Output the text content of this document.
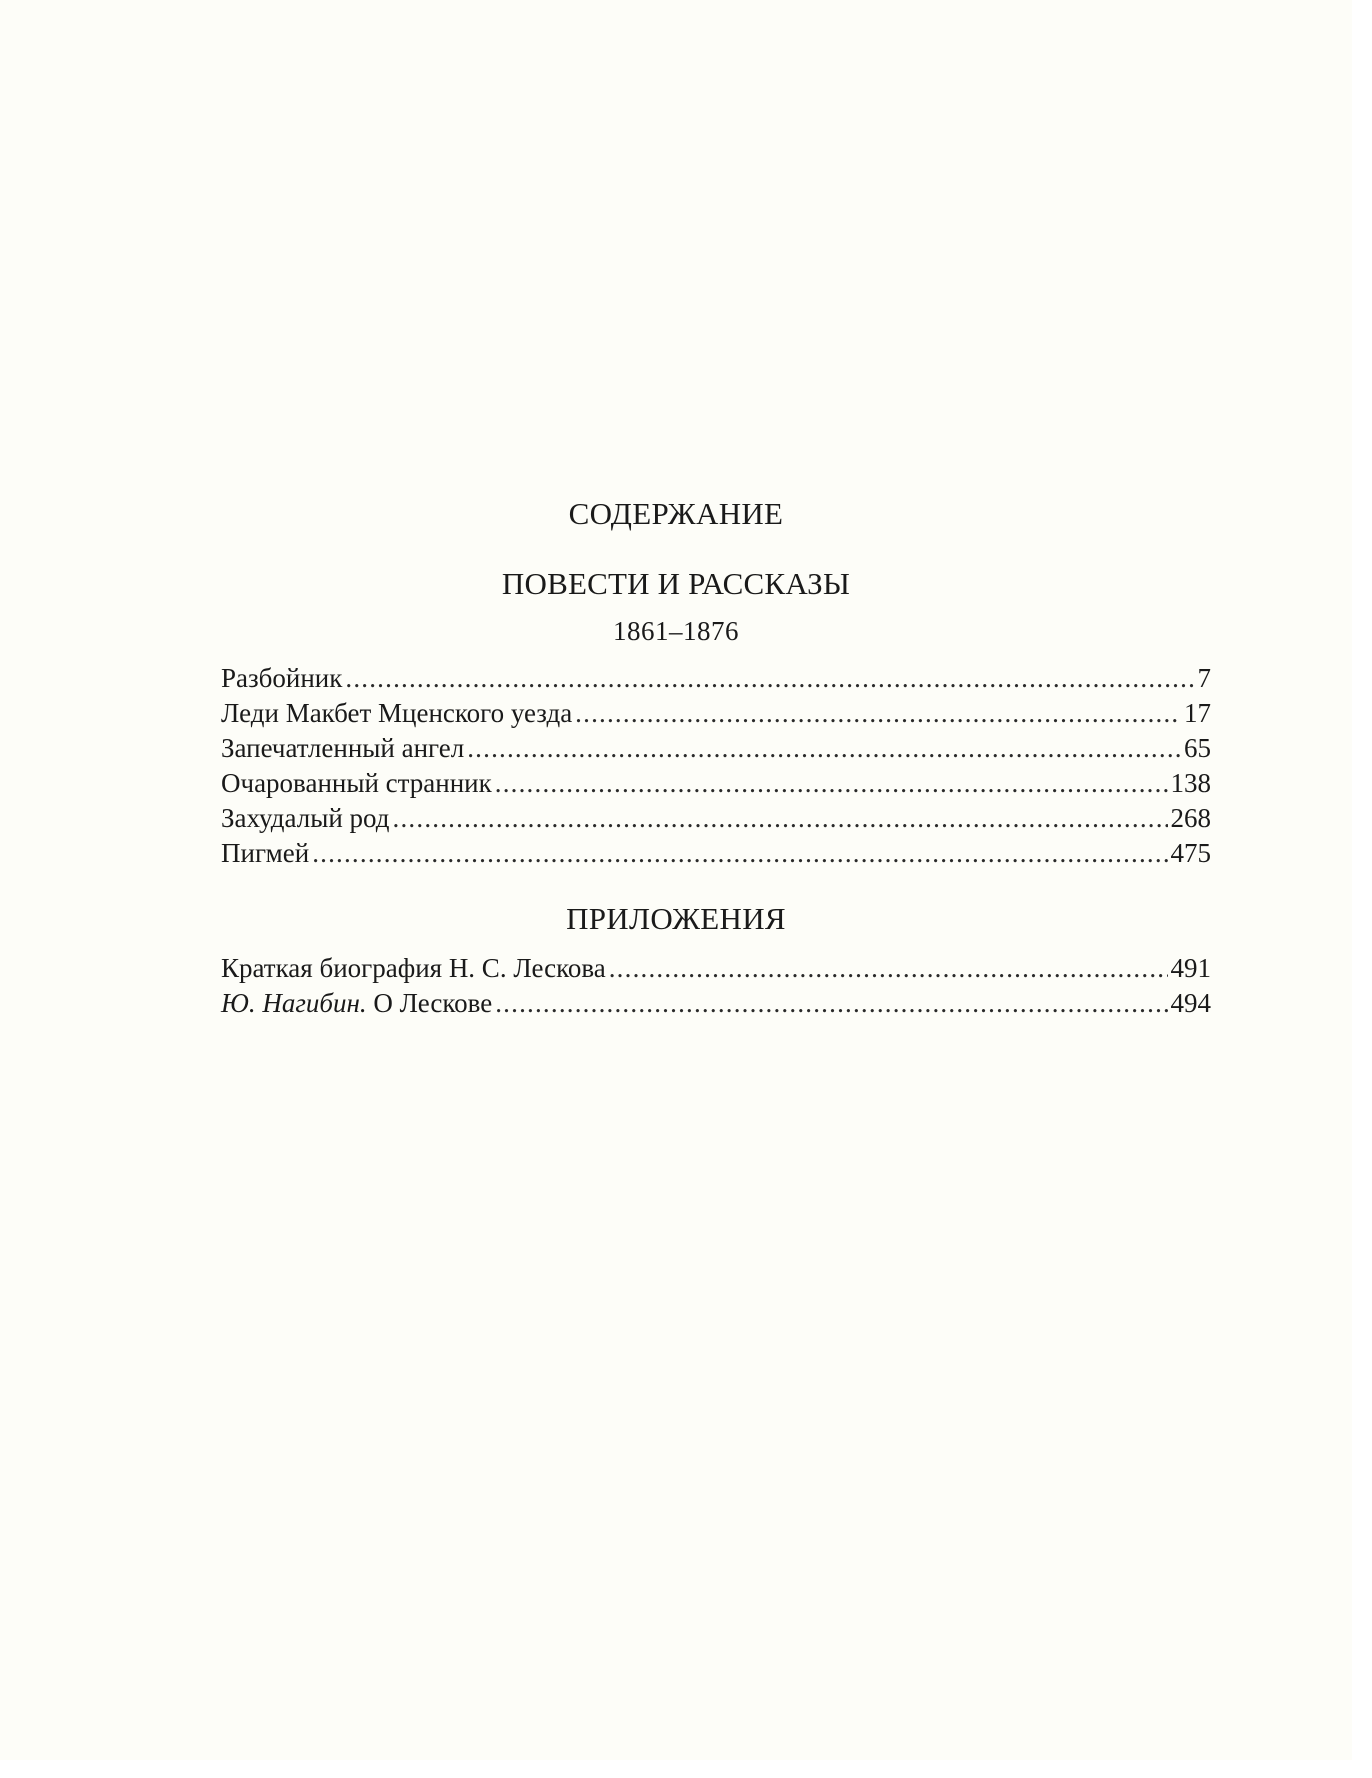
СОДЕРЖАНИЕ
ПОВЕСТИ И РАССКАЗЫ
1861–1876
Разбойник .....	7
Леди Макбет Мценского уезда .....	17
Запечатленный ангел .....	65
Очарованный странник .....	138
Захудалый род .....	268
Пигмей .....	475
ПРИЛОЖЕНИЯ
Краткая биография Н. С. Лескова .....	491
Ю. Нагибин. О Лескове .....	494
